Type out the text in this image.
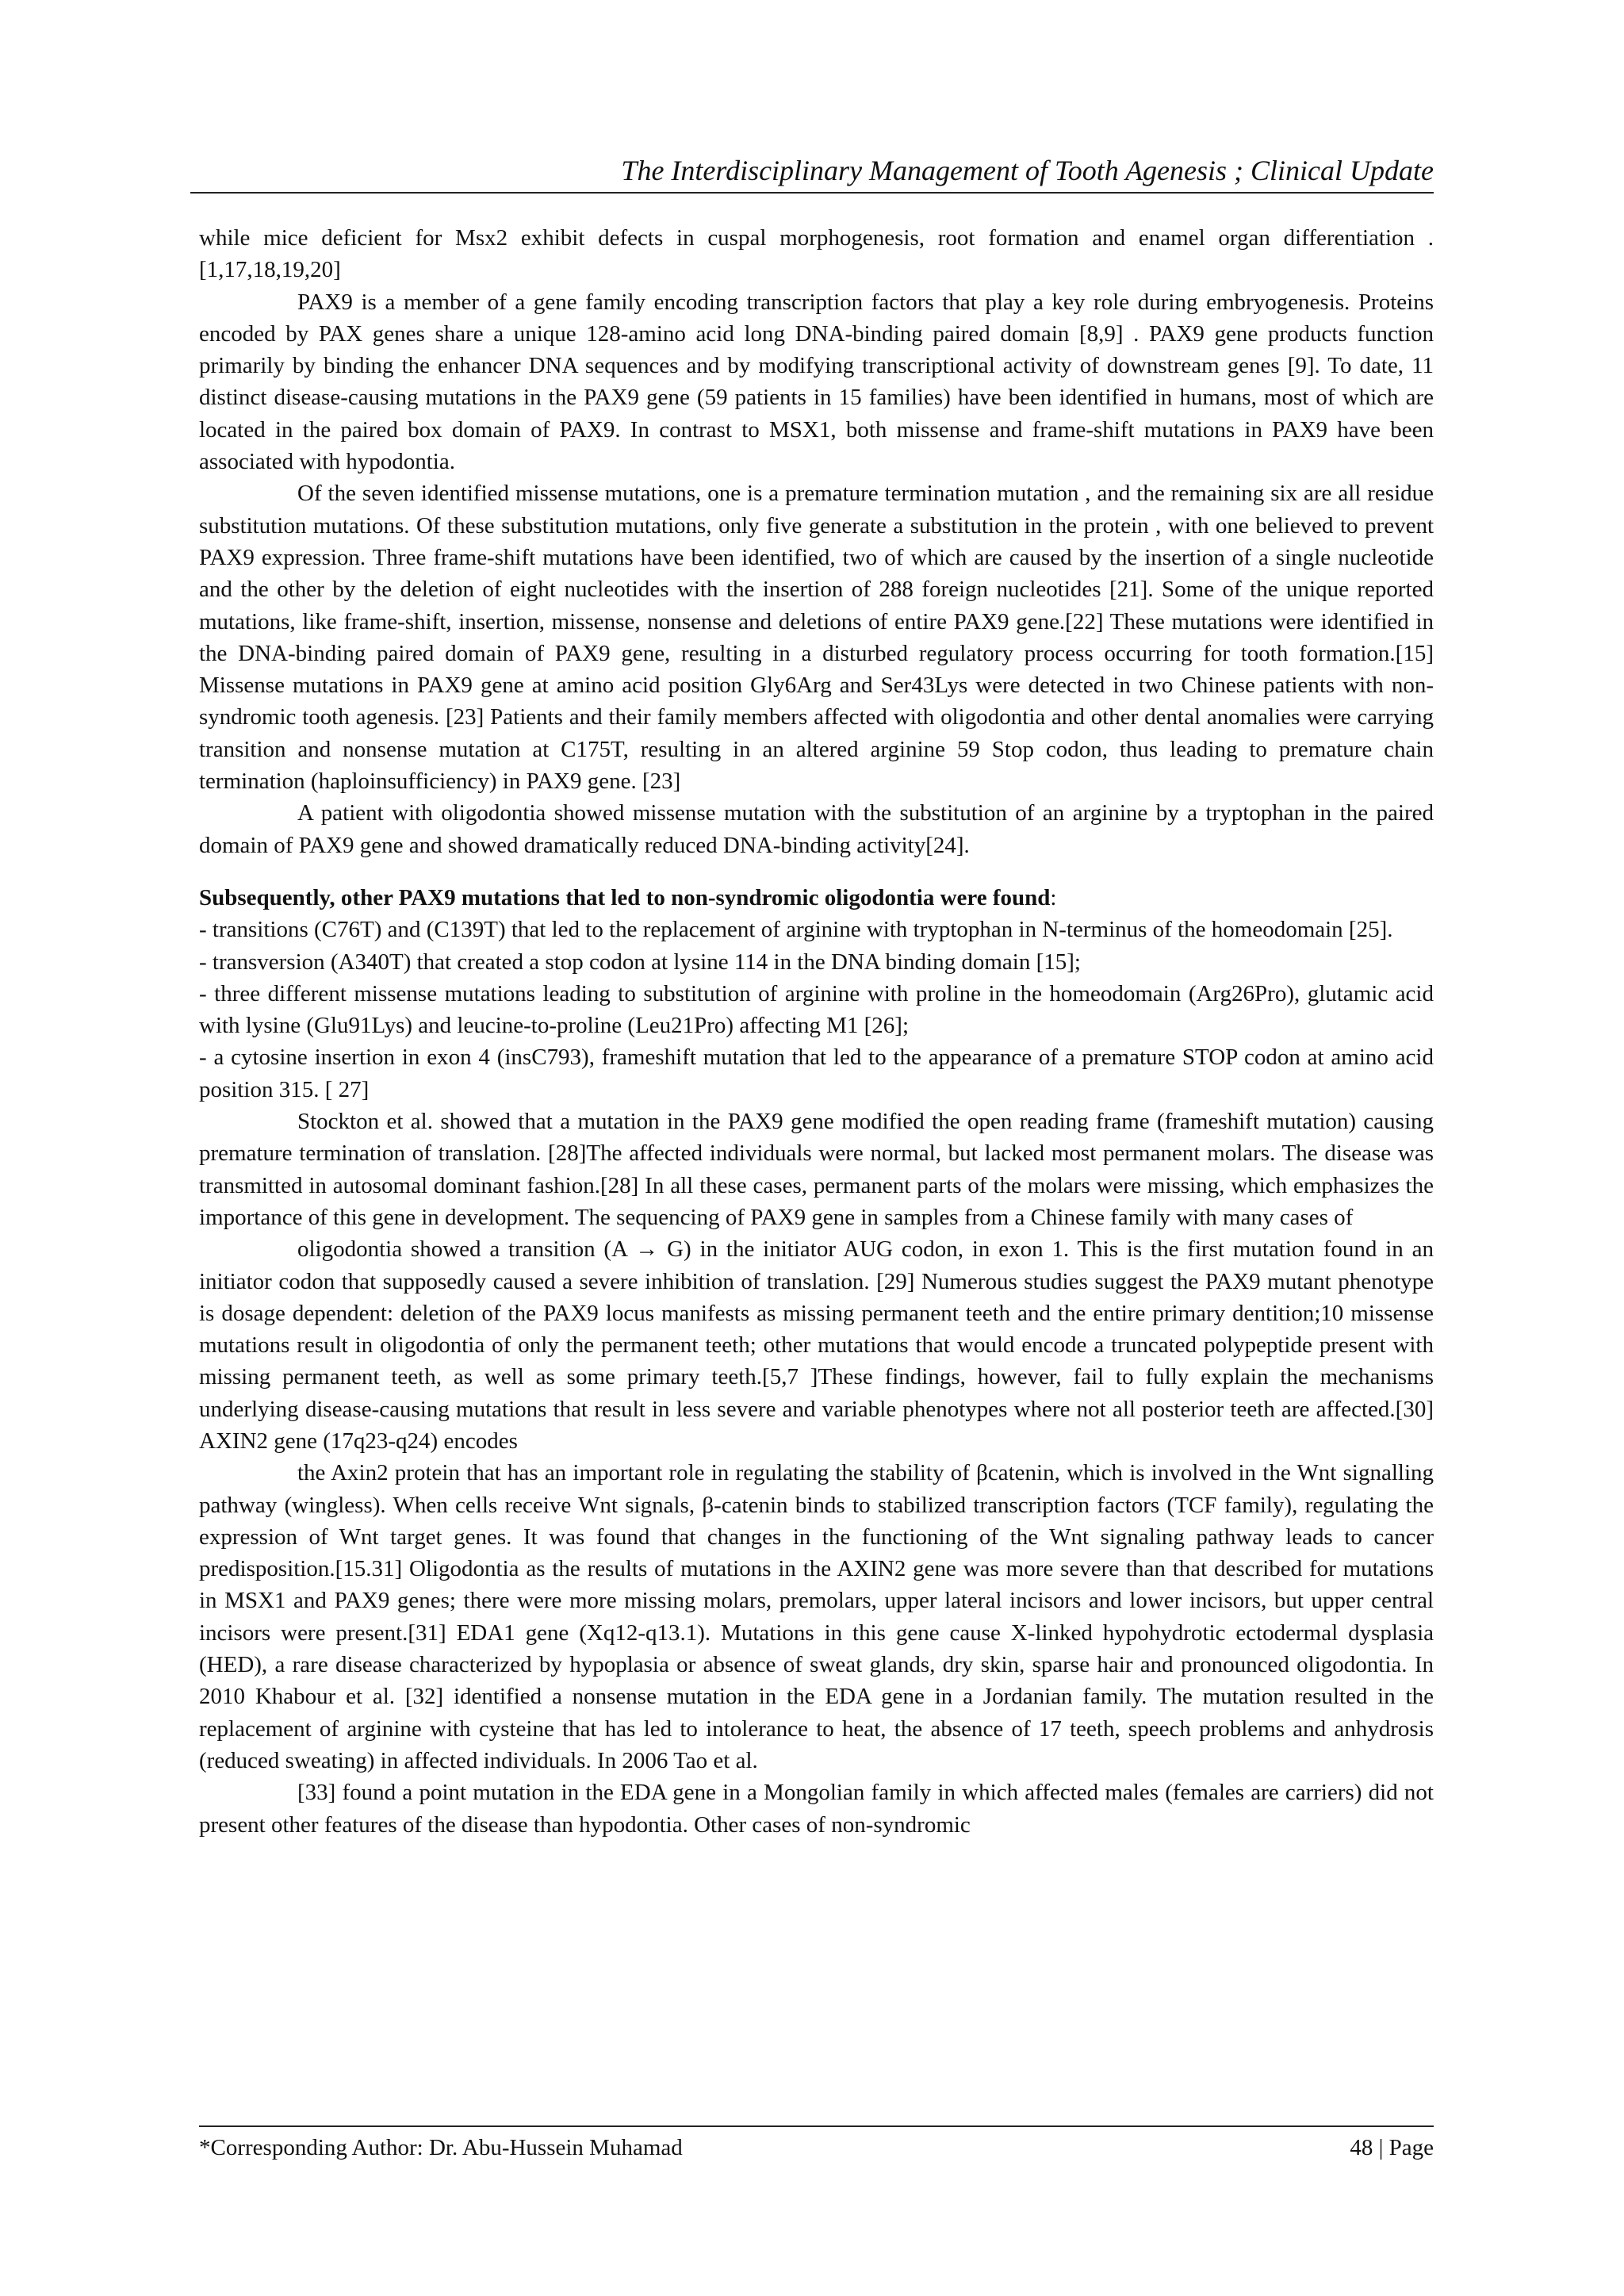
The Interdisciplinary Management of Tooth Agenesis ; Clinical Update

while mice deficient for Msx2 exhibit defects in cuspal morphogenesis, root formation and enamel organ differentiation .[1,17,18,19,20]

PAX9 is a member of a gene family encoding transcription factors that play a key role during embryogenesis. Proteins encoded by PAX genes share a unique 128-amino acid long DNA-binding paired domain [8,9] . PAX9 gene products function primarily by binding the enhancer DNA sequences and by modifying transcriptional activity of downstream genes [9]. To date, 11 distinct disease-causing mutations in the PAX9 gene (59 patients in 15 families) have been identified in humans, most of which are located in the paired box domain of PAX9. In contrast to MSX1, both missense and frame-shift mutations in PAX9 have been associated with hypodontia.

Of the seven identified missense mutations, one is a premature termination mutation , and the remaining six are all residue substitution mutations. Of these substitution mutations, only five generate a substitution in the protein , with one believed to prevent PAX9 expression. Three frame-shift mutations have been identified, two of which are caused by the insertion of a single nucleotide and the other by the deletion of eight nucleotides with the insertion of 288 foreign nucleotides [21]. Some of the unique reported mutations, like frame-shift, insertion, missense, nonsense and deletions of entire PAX9 gene.[22] These mutations were identified in the DNA-binding paired domain of PAX9 gene, resulting in a disturbed regulatory process occurring for tooth formation.[15] Missense mutations in PAX9 gene at amino acid position Gly6Arg and Ser43Lys were detected in two Chinese patients with non-syndromic tooth agenesis. [23] Patients and their family members affected with oligodontia and other dental anomalies were carrying transition and nonsense mutation at C175T, resulting in an altered arginine 59 Stop codon, thus leading to premature chain termination (haploinsufficiency) in PAX9 gene. [23]

A patient with oligodontia showed missense mutation with the substitution of an arginine by a tryptophan in the paired domain of PAX9 gene and showed dramatically reduced DNA-binding activity[24].

Subsequently, other PAX9 mutations that led to non-syndromic oligodontia were found:

- transitions (C76T) and (C139T) that led to the replacement of arginine with tryptophan in N-terminus of the homeodomain [25].

- transversion (A340T) that created a stop codon at lysine 114 in the DNA binding domain [15];

- three different missense mutations leading to substitution of arginine with proline in the homeodomain (Arg26Pro), glutamic acid with lysine (Glu91Lys) and leucine-to-proline (Leu21Pro) affecting M1 [26];

- a cytosine insertion in exon 4 (insC793), frameshift mutation that led to the appearance of a premature STOP codon at amino acid position 315. [ 27]

Stockton et al. showed that a mutation in the PAX9 gene modified the open reading frame (frameshift mutation) causing premature termination of translation. [28]The affected individuals were normal, but lacked most permanent molars. The disease was transmitted in autosomal dominant fashion.[28] In all these cases, permanent parts of the molars were missing, which emphasizes the importance of this gene in development. The sequencing of PAX9 gene in samples from a Chinese family with many cases of

oligodontia showed a transition (A → G) in the initiator AUG codon, in exon 1. This is the first mutation found in an initiator codon that supposedly caused a severe inhibition of translation. [29] Numerous studies suggest the PAX9 mutant phenotype is dosage dependent: deletion of the PAX9 locus manifests as missing permanent teeth and the entire primary dentition;10 missense mutations result in oligodontia of only the permanent teeth; other mutations that would encode a truncated polypeptide present with missing permanent teeth, as well as some primary teeth.[5,7 ]These findings, however, fail to fully explain the mechanisms underlying disease-causing mutations that result in less severe and variable phenotypes where not all posterior teeth are affected.[30] AXIN2 gene (17q23-q24) encodes

the Axin2 protein that has an important role in regulating the stability of βcatenin, which is involved in the Wnt signalling pathway (wingless). When cells receive Wnt signals, β-catenin binds to stabilized transcription factors (TCF family), regulating the expression of Wnt target genes. It was found that changes in the functioning of the Wnt signaling pathway leads to cancer predisposition.[15.31] Oligodontia as the results of mutations in the AXIN2 gene was more severe than that described for mutations in MSX1 and PAX9 genes; there were more missing molars, premolars, upper lateral incisors and lower incisors, but upper central incisors were present.[31] EDA1 gene (Xq12-q13.1). Mutations in this gene cause X-linked hypohydrotic ectodermal dysplasia (HED), a rare disease characterized by hypoplasia or absence of sweat glands, dry skin, sparse hair and pronounced oligodontia. In 2010 Khabour et al. [32] identified a nonsense mutation in the EDA gene in a Jordanian family. The mutation resulted in the replacement of arginine with cysteine that has led to intolerance to heat, the absence of 17 teeth, speech problems and anhydrosis (reduced sweating) in affected individuals. In 2006 Tao et al.

[33] found a point mutation in the EDA gene in a Mongolian family in which affected males (females are carriers) did not present other features of the disease than hypodontia. Other cases of non-syndromic

*Corresponding Author: Dr. Abu-Hussein Muhamad	48 | Page
